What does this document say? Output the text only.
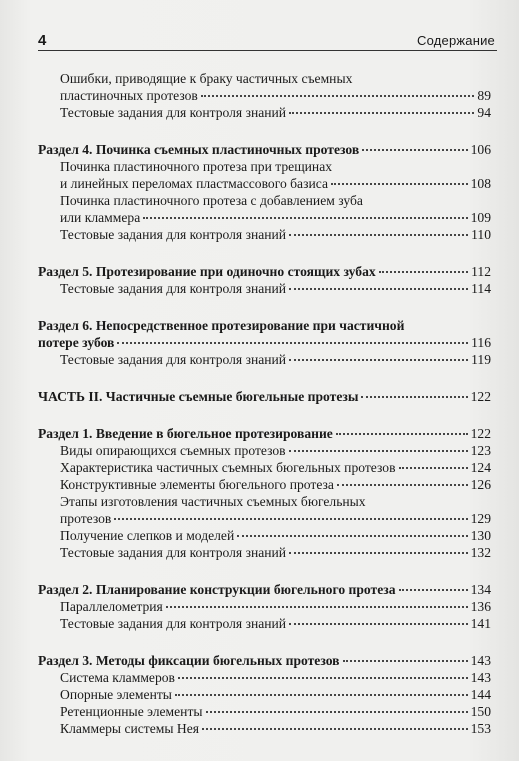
4	Содержание
Ошибки, приводящие к браку частичных съемных
пластиночных протезов	89
Тестовые задания для контроля знаний	94
Раздел 4. Починка съемных пластиночных протезов	106
Починка пластиночного протеза при трещинах
и линейных переломах пластмассового базиса	108
Починка пластиночного протеза с добавлением зуба
или кламмера	109
Тестовые задания для контроля знаний	110
Раздел 5. Протезирование при одиночно стоящих зубах	112
Тестовые задания для контроля знаний	114
Раздел 6. Непосредственное протезирование при частичной
потере зубов	116
Тестовые задания для контроля знаний	119
ЧАСТЬ II. Частичные съемные бюгельные протезы	122
Раздел 1. Введение в бюгельное протезирование	122
Виды опирающихся съемных протезов	123
Характеристика частичных съемных бюгельных протезов	124
Конструктивные элементы бюгельного протеза	126
Этапы изготовления частичных съемных бюгельных
протезов	129
Получение слепков и моделей	130
Тестовые задания для контроля знаний	132
Раздел 2. Планирование конструкции бюгельного протеза	134
Параллелометрия	136
Тестовые задания для контроля знаний	141
Раздел 3. Методы фиксации бюгельных протезов	143
Система кламмеров	143
Опорные элементы	144
Ретенционные элементы	150
Кламмеры системы Нея	153
